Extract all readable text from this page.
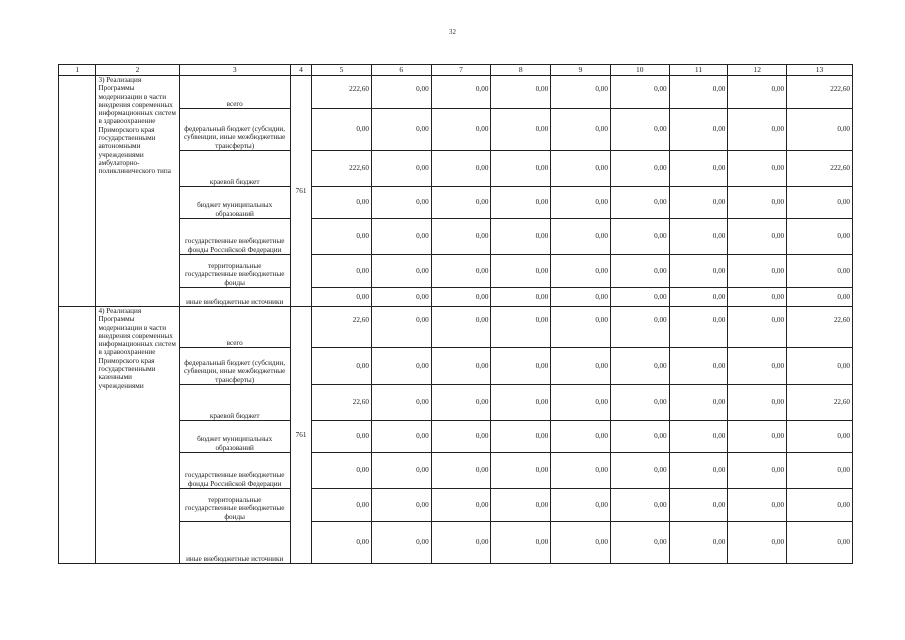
32
1	2	3	4	5	6	7	8	9	10	11	12	13
	3) Реализация Программы модернизации в части внедрения современных информационных систем в здравоохранение Приморского края государственными автономными учреждениями амбулаторно-поликлинического типа	всего	761	222,60	0,00	0,00	0,00	0,00	0,00	0,00	0,00	222,60
		федеральный бюджет (субсидии, субвенции, иные межбюджетные трансферты)		0,00	0,00	0,00	0,00	0,00	0,00	0,00	0,00	0,00
		краевой бюджет		222,60	0,00	0,00	0,00	0,00	0,00	0,00	0,00	222,60
		бюджет муниципальных образований		0,00	0,00	0,00	0,00	0,00	0,00	0,00	0,00	0,00
		государственные внебюджетные фонды Российской Федерации		0,00	0,00	0,00	0,00	0,00	0,00	0,00	0,00	0,00
		территориальные государственные внебюджетные фонды		0,00	0,00	0,00	0,00	0,00	0,00	0,00	0,00	0,00
		иные внебюджетные источники		0,00	0,00	0,00	0,00	0,00	0,00	0,00	0,00	0,00
	4) Реализация Программы модернизации в части внедрения современных информационных систем в здравоохранение Приморского края государственными казенными учреждениями	всего	761	22,60	0,00	0,00	0,00	0,00	0,00	0,00	0,00	22,60
		федеральный бюджет (субсидии, субвенции, иные межбюджетные трансферты)		0,00	0,00	0,00	0,00	0,00	0,00	0,00	0,00	0,00
		краевой бюджет		22,60	0,00	0,00	0,00	0,00	0,00	0,00	0,00	22,60
		бюджет муниципальных образований		0,00	0,00	0,00	0,00	0,00	0,00	0,00	0,00	0,00
		государственные внебюджетные фонды Российской Федерации		0,00	0,00	0,00	0,00	0,00	0,00	0,00	0,00	0,00
		территориальные государственные внебюджетные фонды		0,00	0,00	0,00	0,00	0,00	0,00	0,00	0,00	0,00
		иные внебюджетные источники		0,00	0,00	0,00	0,00	0,00	0,00	0,00	0,00	0,00
